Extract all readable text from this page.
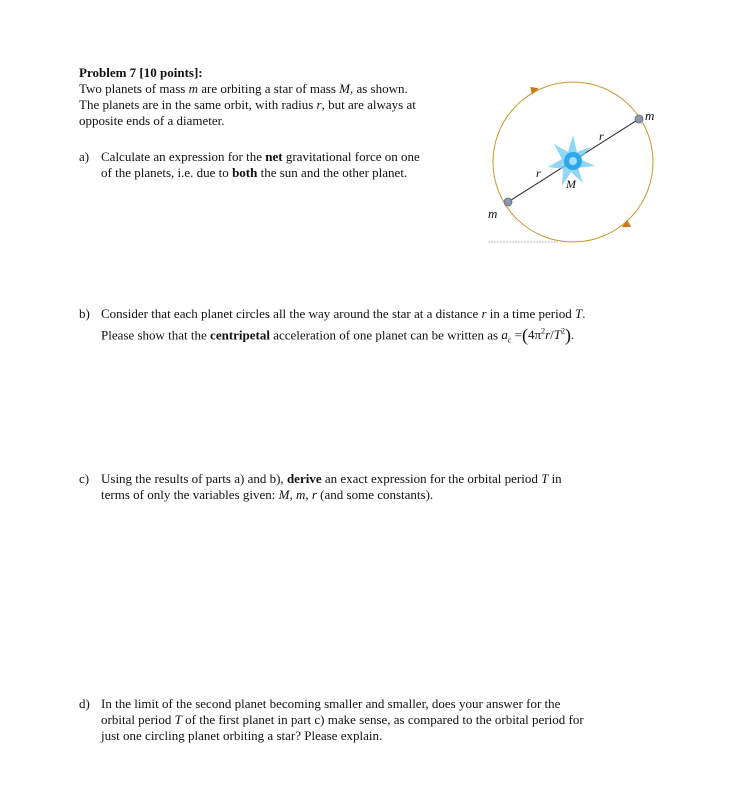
Problem 7 [10 points]:
Two planets of mass m are orbiting a star of mass M, as shown.
The planets are in the same orbit, with radius r, but are always at
opposite ends of a diameter.
a) Calculate an expression for the net gravitational force on one
of the planets, i.e. due to both the sun and the other planet.
m
m
M
r
r
b) Consider that each planet circles all the way around the star at a distance r in a time period T.
Please show that the centripetal acceleration of one planet can be written as $a_c =(4\pi^2r/T^2)$.
c) Using the results of parts a) and b), derive an exact expression for the orbital period T in
terms of only the variables given: M, m, r (and some constants).
d) In the limit of the second planet becoming smaller and smaller, does your answer for the
orbital period T of the first planet in part c) make sense, as compared to the orbital period for
just one circling planet orbiting a star? Please explain.
